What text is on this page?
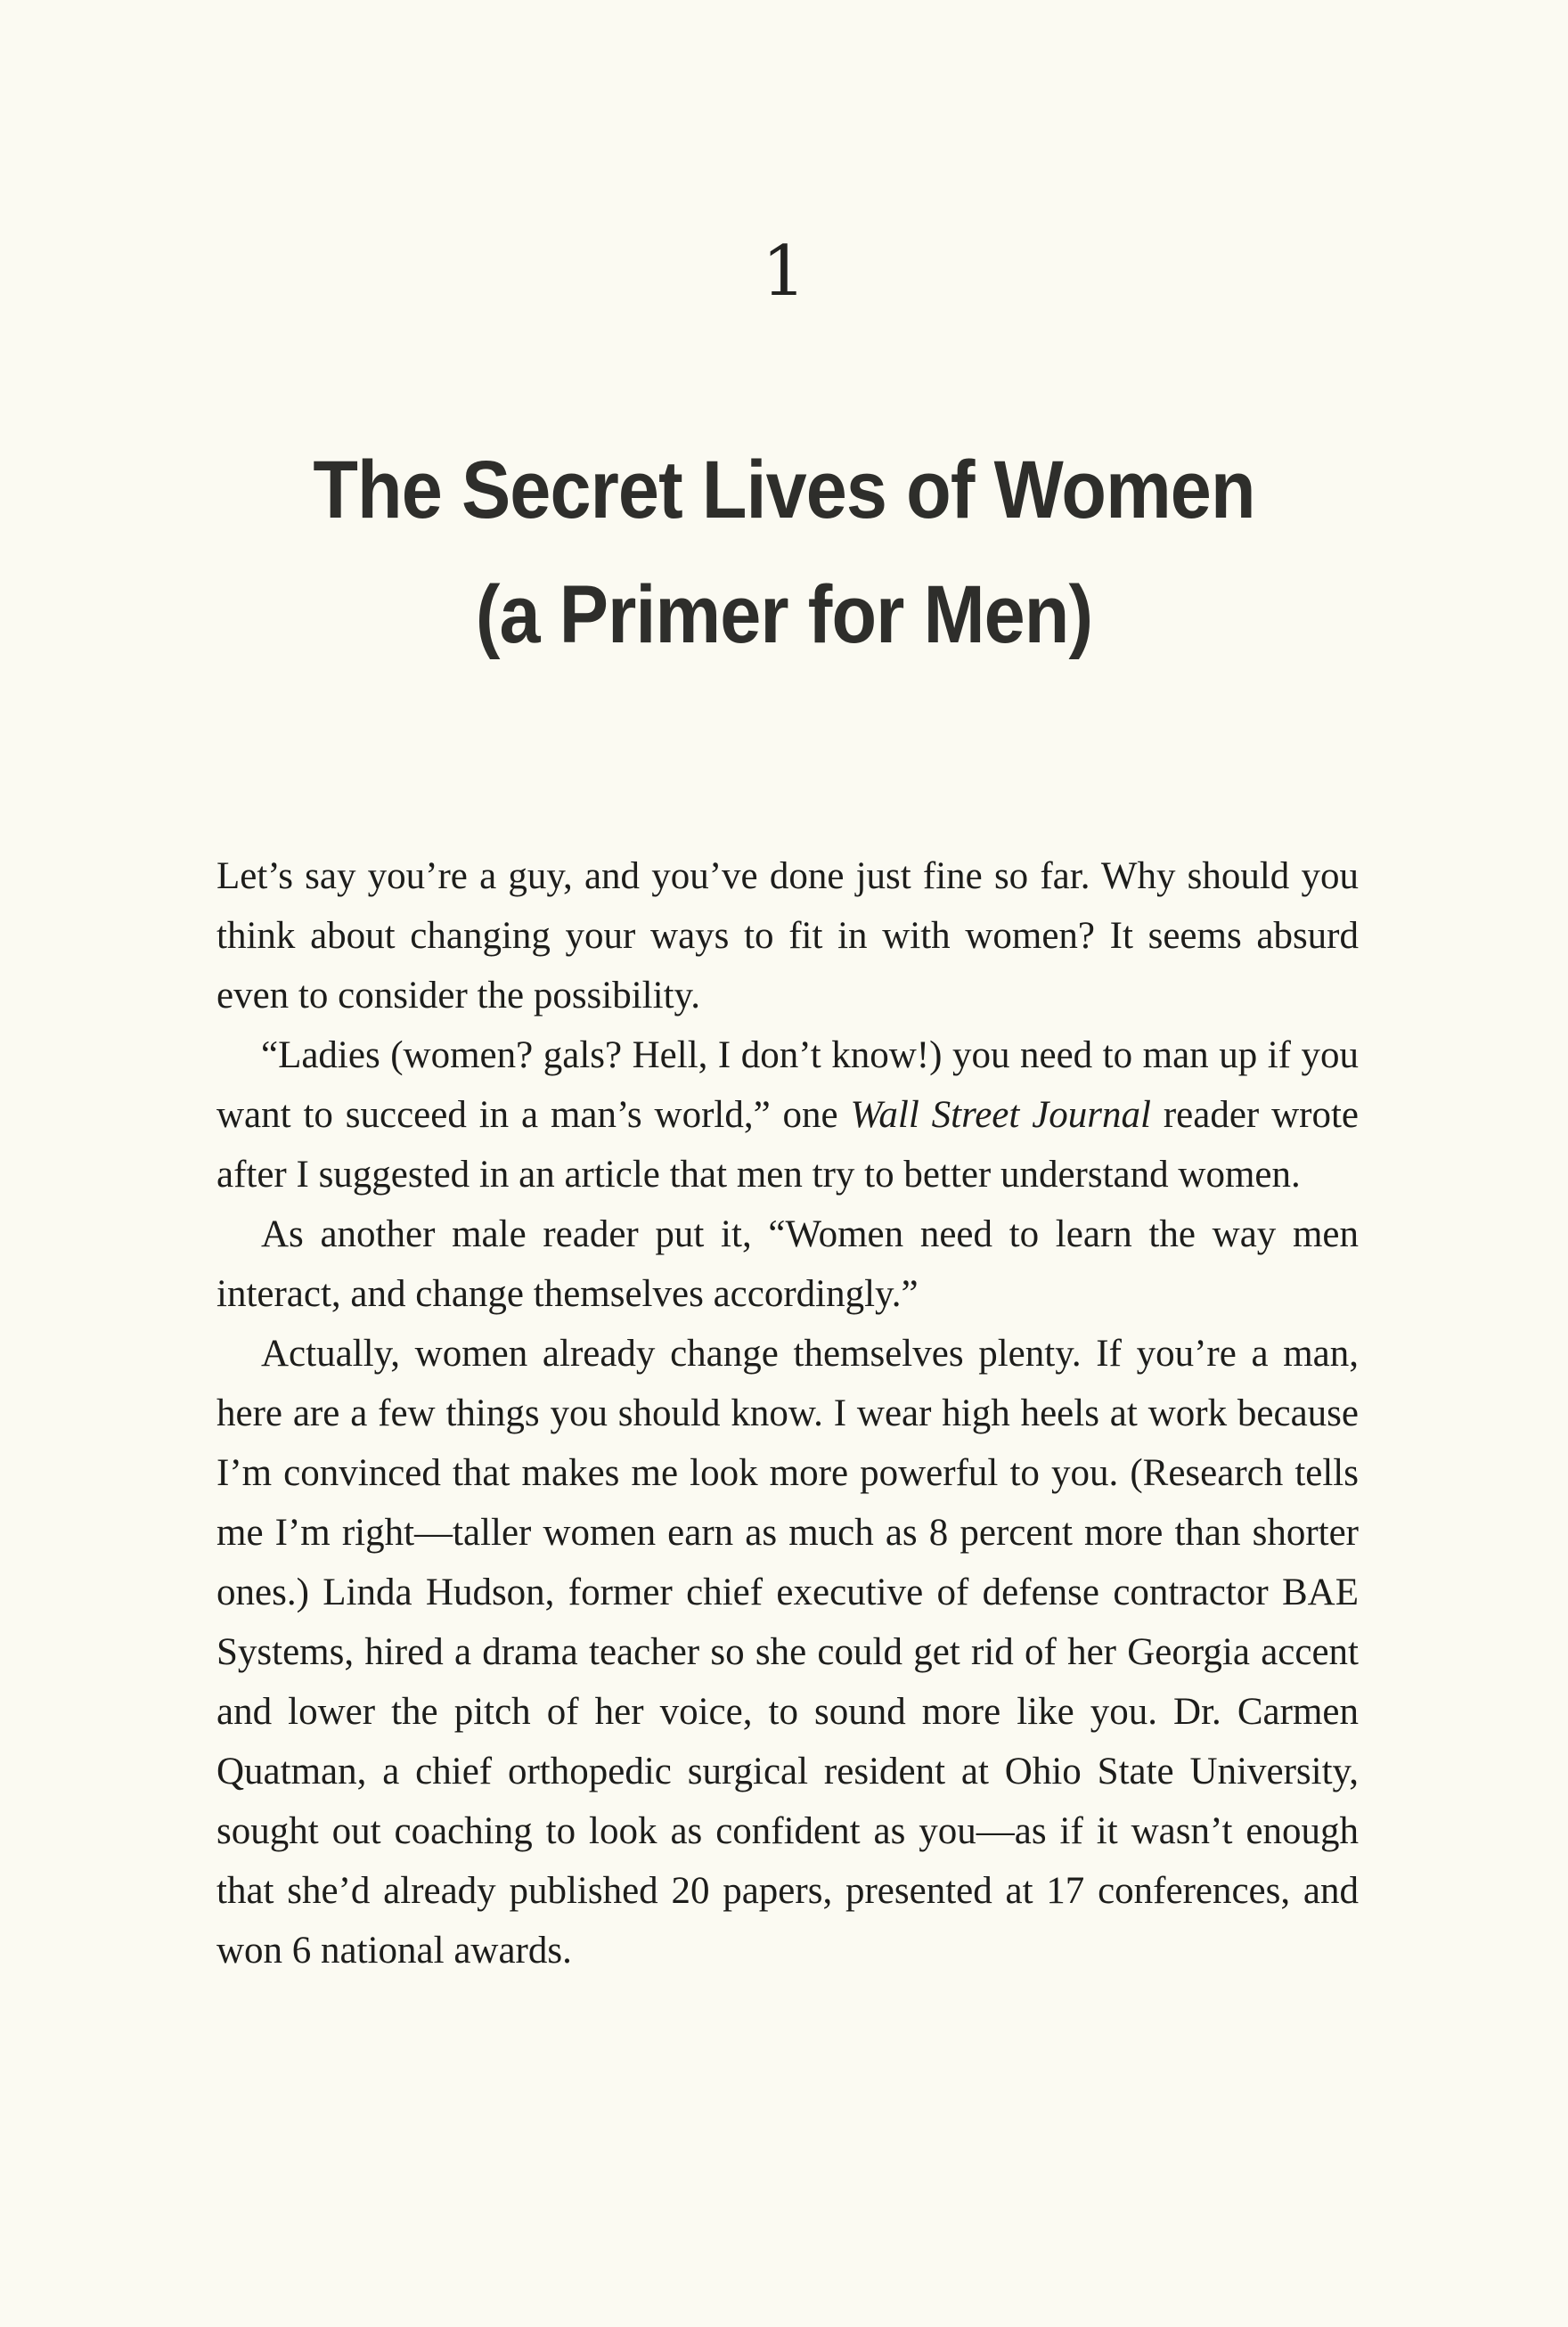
1
The Secret Lives of Women
(a Primer for Men)

Let’s say you’re a guy, and you’ve done just fine so far. Why should you think about changing your ways to fit in with women? It seems absurd even to consider the possibility.

“Ladies (women? gals? Hell, I don’t know!) you need to man up if you want to succeed in a man’s world,” one Wall Street Journal reader wrote after I suggested in an article that men try to better understand women.

As another male reader put it, “Women need to learn the way men interact, and change themselves accordingly.”

Actually, women already change themselves plenty. If you’re a man, here are a few things you should know. I wear high heels at work because I’m convinced that makes me look more powerful to you. (Research tells me I’m right—taller women earn as much as 8 percent more than shorter ones.) Linda Hudson, former chief executive of defense contractor BAE Systems, hired a drama teacher so she could get rid of her Georgia accent and lower the pitch of her voice, to sound more like you. Dr. Carmen Quatman, a chief orthopedic surgical resident at Ohio State University, sought out coaching to look as confident as you—as if it wasn’t enough that she’d already published 20 papers, presented at 17 conferences, and won 6 national awards.
